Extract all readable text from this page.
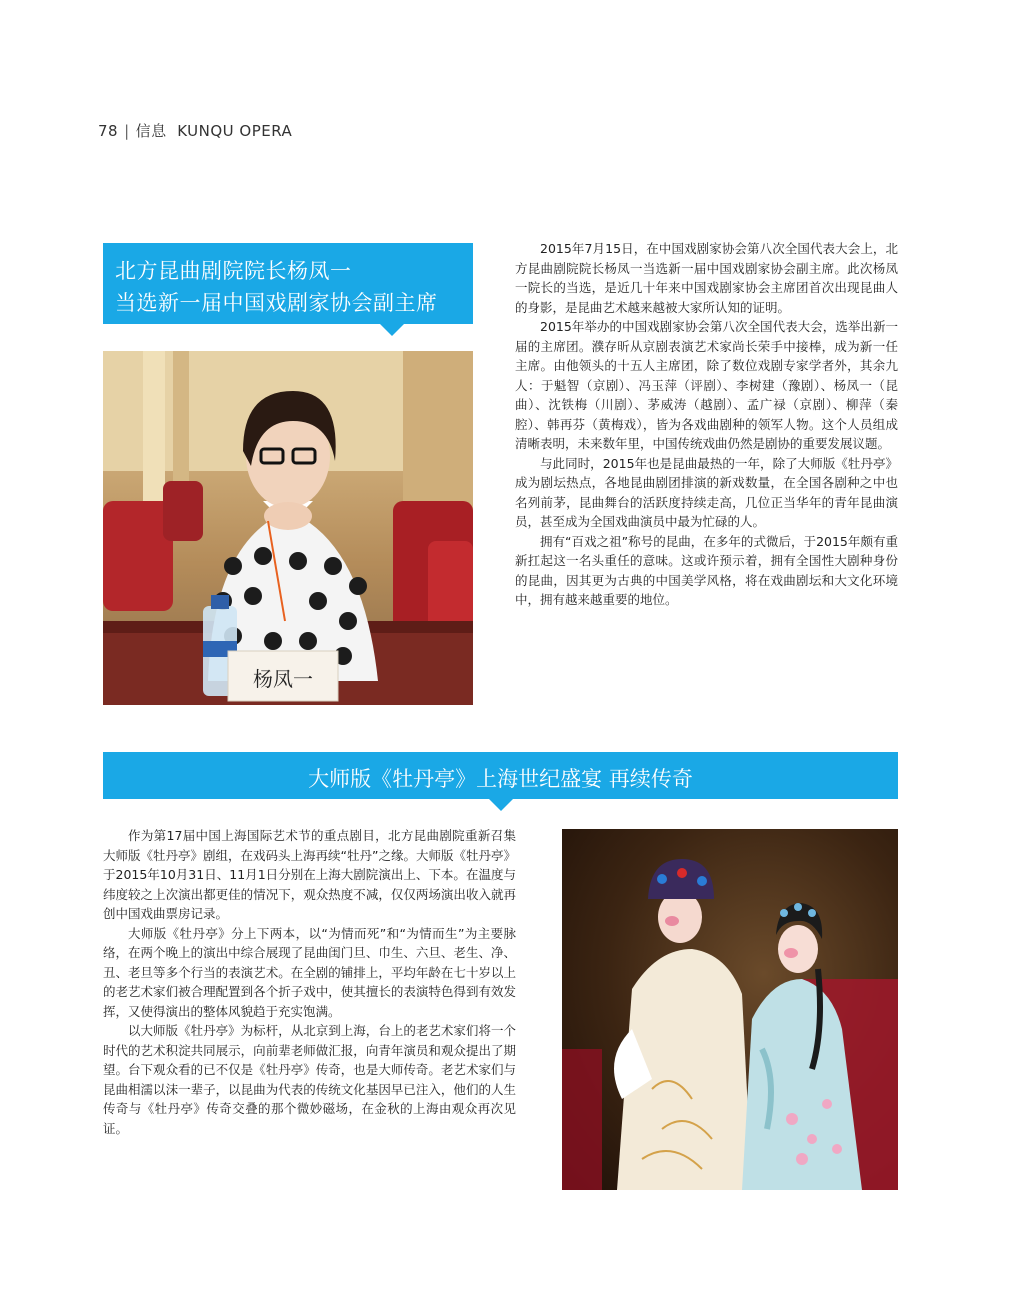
78 | 信息 KUNQU OPERA
北方昆曲剧院院长杨凤一
当选新一届中国戏剧家协会副主席
杨凤一

2015年7月15日，在中国戏剧家协会第八次全国代表大会上，北方昆曲剧院院长杨凤一当选新一届中国戏剧家协会副主席。此次杨凤一院长的当选，是近几十年来中国戏剧家协会主席团首次出现昆曲人的身影，是昆曲艺术越来越被大家所认知的证明。

2015年举办的中国戏剧家协会第八次全国代表大会，选举出新一届的主席团。濮存昕从京剧表演艺术家尚长荣手中接棒，成为新一任主席。由他领头的十五人主席团，除了数位戏剧专家学者外，其余九人：于魁智（京剧）、冯玉萍（评剧）、李树建（豫剧）、杨凤一（昆曲）、沈铁梅（川剧）、茅威涛（越剧）、孟广禄（京剧）、柳萍（秦腔）、韩再芬（黄梅戏），皆为各戏曲剧种的领军人物。这个人员组成清晰表明，未来数年里，中国传统戏曲仍然是剧协的重要发展议题。

与此同时，2015年也是昆曲最热的一年，除了大师版《牡丹亭》成为剧坛热点，各地昆曲剧团排演的新戏数量，在全国各剧种之中也名列前茅，昆曲舞台的活跃度持续走高，几位正当华年的青年昆曲演员，甚至成为全国戏曲演员中最为忙碌的人。

拥有“百戏之祖”称号的昆曲，在多年的式微后，于2015年颇有重新扛起这一名头重任的意味。这或许预示着，拥有全国性大剧种身份的昆曲，因其更为古典的中国美学风格，将在戏曲剧坛和大文化环境中，拥有越来越重要的地位。

大师版《牡丹亭》上海世纪盛宴 再续传奇

作为第17届中国上海国际艺术节的重点剧目，北方昆曲剧院重新召集大师版《牡丹亭》剧组，在戏码头上海再续“牡丹”之缘。大师版《牡丹亭》于2015年10月31日、11月1日分别在上海大剧院演出上、下本。在温度与纬度较之上次演出都更佳的情况下，观众热度不减，仅仅两场演出收入就再创中国戏曲票房记录。

大师版《牡丹亭》分上下两本，以“为情而死”和“为情而生”为主要脉络，在两个晚上的演出中综合展现了昆曲闺门旦、巾生、六旦、老生、净、丑、老旦等多个行当的表演艺术。在全剧的铺排上，平均年龄在七十岁以上的老艺术家们被合理配置到各个折子戏中，使其擅长的表演特色得到有效发挥，又使得演出的整体风貌趋于充实饱满。

以大师版《牡丹亭》为标杆，从北京到上海，台上的老艺术家们将一个时代的艺术积淀共同展示，向前辈老师做汇报，向青年演员和观众提出了期望。台下观众看的已不仅是《牡丹亭》传奇，也是大师传奇。老艺术家们与昆曲相濡以沫一辈子，以昆曲为代表的传统文化基因早已注入，他们的人生传奇与《牡丹亭》传奇交叠的那个微妙磁场，在金秋的上海由观众再次见证。
